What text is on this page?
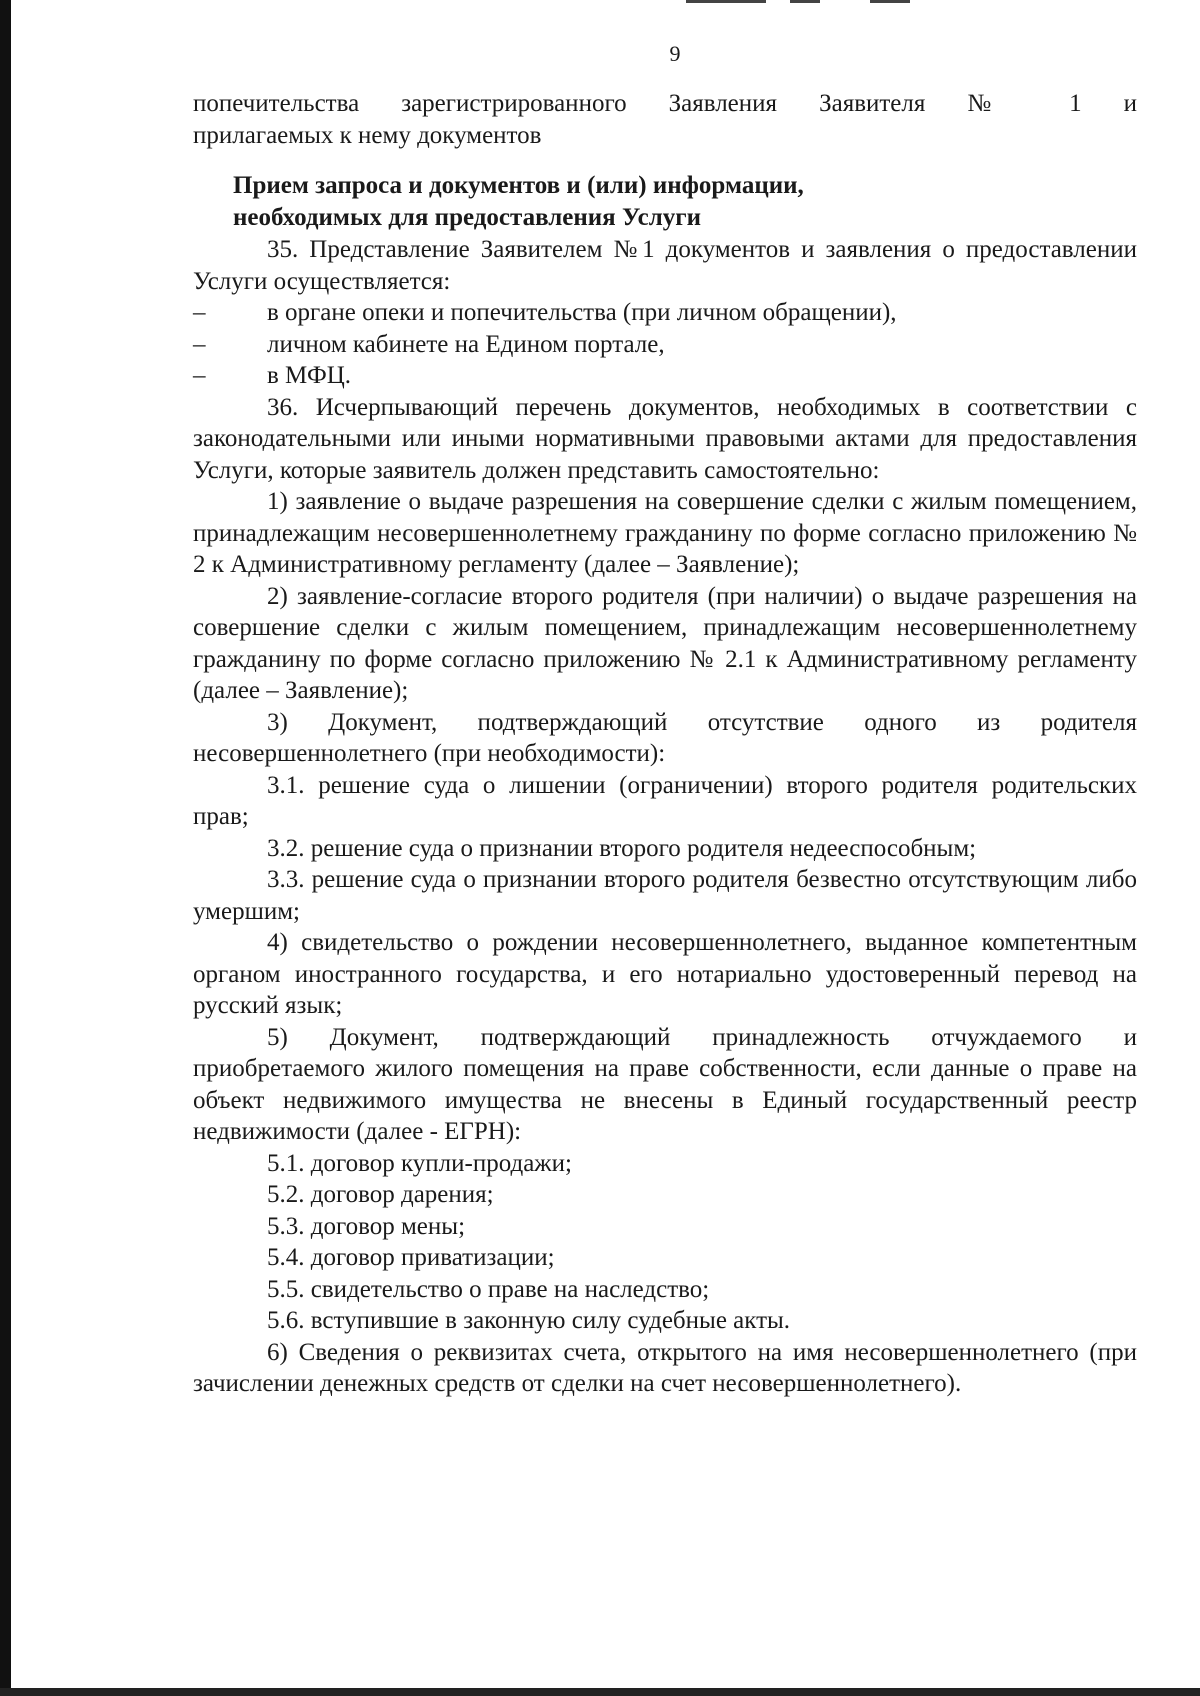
9

попечительства зарегистрированного Заявления Заявителя № 1 и

прилагаемых к нему документов

Прием запроса и документов и (или) информации,

необходимых для предоставления Услуги

35. Представление Заявителем №1 документов и заявления о предоставлении Услуги осуществляется:

– в органе опеки и попечительства (при личном обращении),

– личном кабинете на Едином портале,

– в МФЦ.

36. Исчерпывающий перечень документов, необходимых в соответствии с законодательными или иными нормативными правовыми актами для предоставления Услуги, которые заявитель должен представить самостоятельно:

1) заявление о выдаче разрешения на совершение сделки с жилым помещением, принадлежащим несовершеннолетнему гражданину по форме согласно приложению № 2 к Административному регламенту (далее – Заявление);

2) заявление-согласие второго родителя (при наличии) о выдаче разрешения на совершение сделки с жилым помещением, принадлежащим несовершеннолетнему гражданину по форме согласно приложению № 2.1 к Административному регламенту (далее – Заявление);

3) Документ, подтверждающий отсутствие одного из родителя несовершеннолетнего (при необходимости):

3.1. решение суда о лишении (ограничении) второго родителя родительских прав;

3.2. решение суда о признании второго родителя недееспособным;

3.3. решение суда о признании второго родителя безвестно отсутствующим либо умершим;

4) свидетельство о рождении несовершеннолетнего, выданное компетентным органом иностранного государства, и его нотариально удостоверенный перевод на русский язык;

5) Документ, подтверждающий принадлежность отчуждаемого и приобретаемого жилого помещения на праве собственности, если данные о праве на объект недвижимого имущества не внесены в Единый государственный реестр недвижимости (далее - ЕГРН):

5.1. договор купли-продажи;

5.2. договор дарения;

5.3. договор мены;

5.4. договор приватизации;

5.5. свидетельство о праве на наследство;

5.6. вступившие в законную силу судебные акты.

6) Сведения о реквизитах счета, открытого на имя несовершеннолетнего (при зачислении денежных средств от сделки на счет несовершеннолетнего).
